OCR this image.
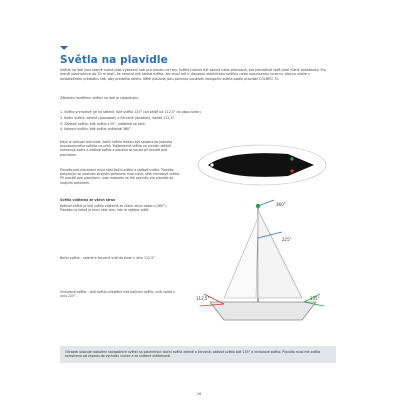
Světla na plavidle
Světla na lodi jsou stejně nutná jako vybavení lodi pro plavbu za tmy. Světla mohou být pevná nebo přenosná, pro jednotlivé lodě platí různé požadavky. Pro menší plachetnice do 20 m platí, že nemusí mít žádná světla, ale musí mít k dispozici elektrickou svítilnu nebo rozsvícenou lucernu, kterou ukáže v dostatečném předstihu tak, aby předešla střetu. Větší plavidla jsou povinna používat navigační světla podle pravidel COLREG 72.
Základní rozdělení světel na lodi je následující:
1. Světlo vrcholové (je na stěžni): bílé světlo 225° (od přídě na 112,5° do obou stran).
2. Boční světla: zelené (pravobok) a červené (levobok), každé 112,5°.
3. Záďové světlo: bílé světlo 135°, viditelné ze zádi.
4. Kotevní světlo: bílé světlo viditelné 360°.
Když je velikost lodi malá, boční světla mohou být spojena do jednoho dvoubarevného svítidla na přídi. Trojbarevné světlo na vrcholu stěžně nahrazuje boční a záďové světlo a používá se pouze při plavbě pod plachtami.
Plavidlo pod plachtami musí nést boční světla a záďové světlo. Plavidlo pohybující se vlastním strojním pohonem musí navíc nést vrcholové světlo. Při plavbě pod plachtami i pod motorem se řídí pravidly pro plavidlo se strojním pohonem.
Světla viditelná ze všech stran
Kotevní světlo je bílé světlo viditelné ze všech stran obzoru (360°). Plavidlo na kotvě je musí nést tam, kde je nejlépe vidět.
Boční světla – zelené a červené svítí do stran v úhlu 112,5°.
Vrcholové světlo – bílé světlo umístěné nad bočními světly, svítí vpřed v úhlu 225°.
360°
225°
112,5°	135°
Obrázek ukazuje rozložení navigačních světel na plachetnici: boční světla zelené a červené, záďové světlo bílé 135° a vrcholové světlo. Plavidlo musí mít světla rozsvícena od západu do východu slunce a za snížené viditelnosti.
26
